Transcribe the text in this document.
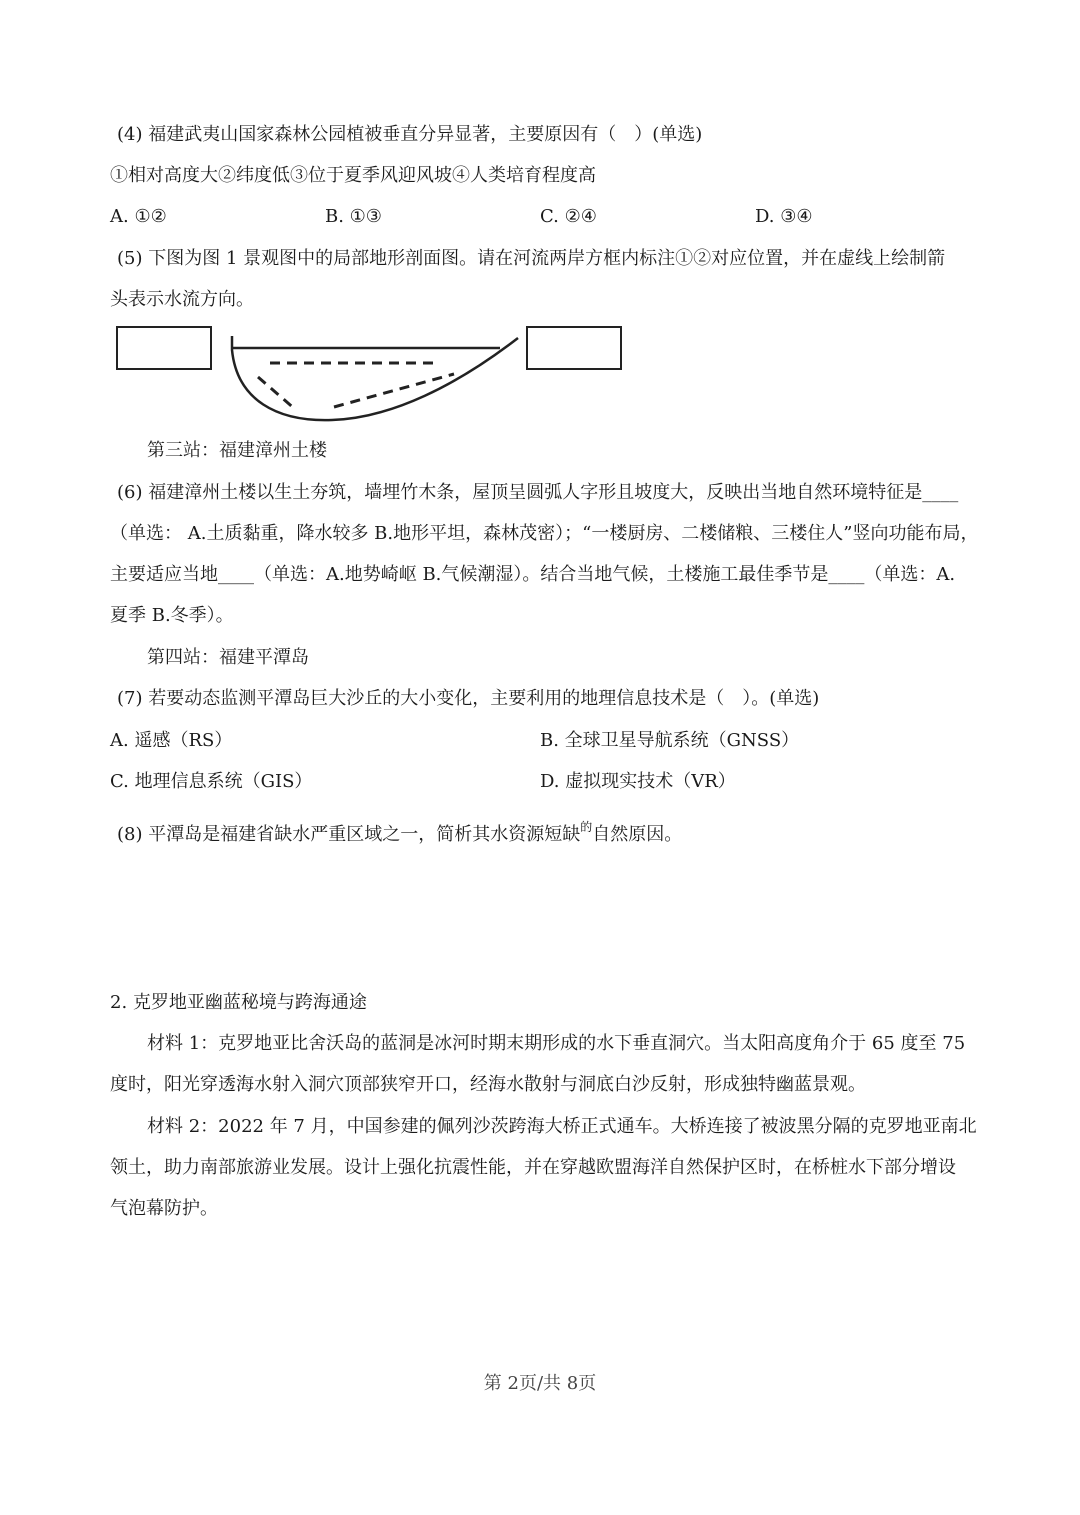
(4) 福建武夷山国家森林公园植被垂直分异显著，主要原因有（　）(单选)
①相对高度大②纬度低③位于夏季风迎风坡④人类培育程度高
A. ①②	B. ①③	C. ②④	D. ③④
(5) 下图为图 1 景观图中的局部地形剖面图。请在河流两岸方框内标注①②对应位置，并在虚线上绘制箭
头表示水流方向。
第三站：福建漳州土楼
(6) 福建漳州土楼以生土夯筑，墙埋竹木条，屋顶呈圆弧人字形且坡度大，反映出当地自然环境特征是____
（单选： A.土质黏重，降水较多 B.地形平坦，森林茂密）；“一楼厨房、二楼储粮、三楼住人”竖向功能布局，
主要适应当地____（单选：A.地势崎岖 B.气候潮湿）。结合当地气候，土楼施工最佳季节是____（单选：A.
夏季 B.冬季）。
第四站：福建平潭岛
(7) 若要动态监测平潭岛巨大沙丘的大小变化，主要利用的地理信息技术是（　）。(单选)
A. 遥感（RS）	B. 全球卫星导航系统（GNSS）
C. 地理信息系统（GIS）	D. 虚拟现实技术（VR）
(8) 平潭岛是福建省缺水严重区域之一，简析其水资源短缺$^的$自然原因。
2. 克罗地亚幽蓝秘境与跨海通途
材料 1：克罗地亚比舍沃岛的蓝洞是冰河时期末期形成的水下垂直洞穴。当太阳高度角介于 65 度至 75
度时，阳光穿透海水射入洞穴顶部狭窄开口，经海水散射与洞底白沙反射，形成独特幽蓝景观。
材料 2：2022 年 7 月，中国参建的佩列沙茨跨海大桥正式通车。大桥连接了被波黑分隔的克罗地亚南北
领土，助力南部旅游业发展。设计上强化抗震性能，并在穿越欧盟海洋自然保护区时，在桥桩水下部分增设
气泡幕防护。
第 2页/共 8页
